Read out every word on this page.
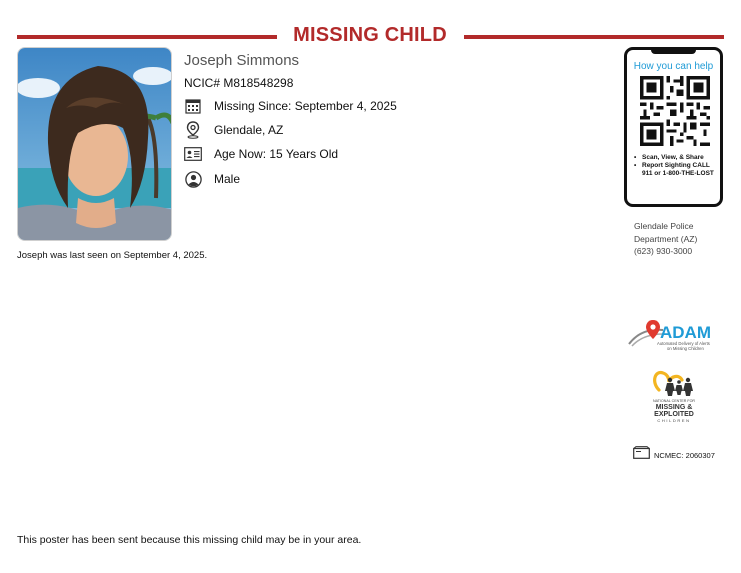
MISSING CHILD
Joseph Simmons
NCIC# M818548298
Missing Since: September 4, 2025
Glendale, AZ
Age Now: 15 Years Old
Male
Joseph was last seen on September 4, 2025.
How you can help
• Scan, View, & Share
• Report Sighting CALL 911 or 1-800-THE-LOST
Glendale Police
Department (AZ)
(623) 930-3000
ADAM
Automated Delivery of Alerts
on Missing Children
NATIONAL CENTER FOR
MISSING &
EXPLOITED
CHILDREN
NCMEC: 2060307
This poster has been sent because this missing child may be in your area.
